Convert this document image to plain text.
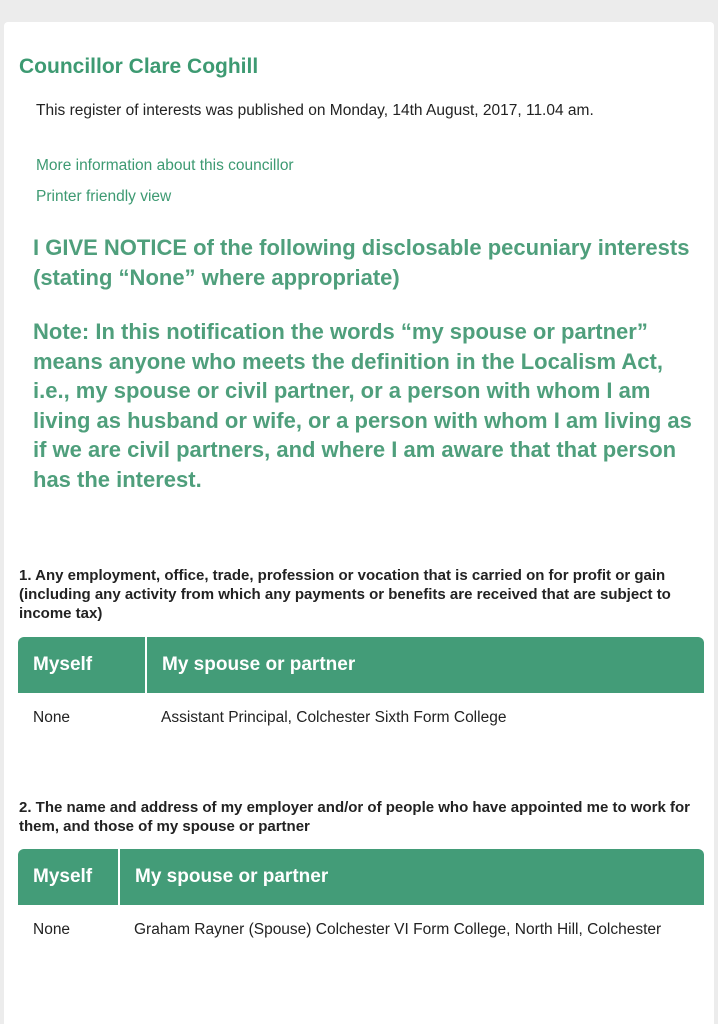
Councillor Clare Coghill

This register of interests was published on Monday, 14th August, 2017, 11.04 am.

More information about this councillor
Printer friendly view

I GIVE NOTICE of the following disclosable pecuniary interests (stating “None” where appropriate)

Note: In this notification the words “my spouse or partner” means anyone who meets the definition in the Localism Act, i.e., my spouse or civil partner, or a person with whom I am living as husband or wife, or a person with whom I am living as if we are civil partners, and where I am aware that that person has the interest.

1. Any employment, office, trade, profession or vocation that is carried on for profit or gain (including any activity from which any payments or benefits are received that are subject to income tax)

Myself	My spouse or partner
None	Assistant Principal, Colchester Sixth Form College

2. The name and address of my employer and/or of people who have appointed me to work for them, and those of my spouse or partner

Myself	My spouse or partner
None	Graham Rayner (Spouse) Colchester VI Form College, North Hill, Colchester
